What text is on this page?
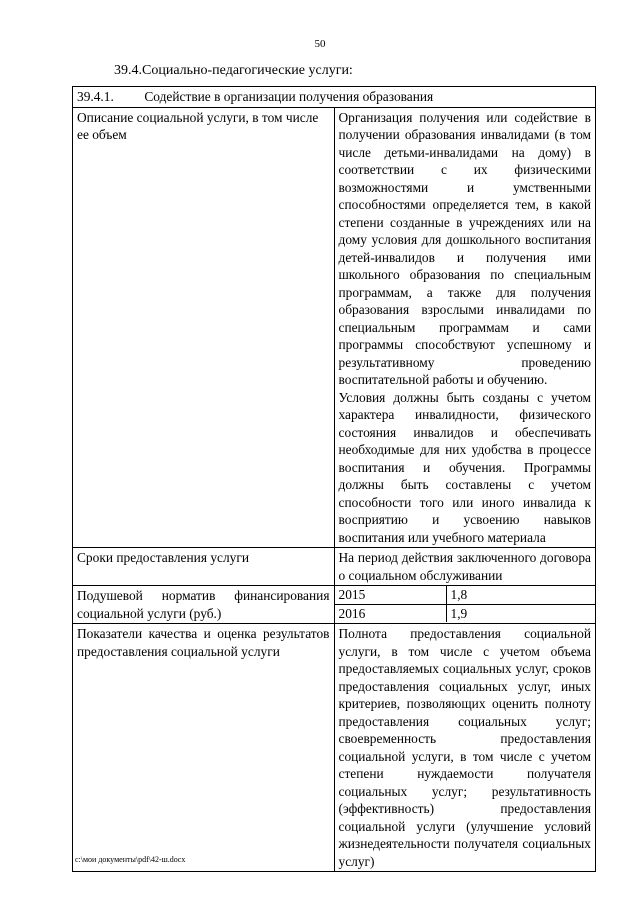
50
39.4.Социально-педагогические услуги:
39.4.1. Содействие в организации получения образования	
Описание социальной услуги, в том числе ее объем	Организация получения или содействие в получении образования инвалидами (в том числе детьми-инвалидами на дому) в соответствии с их физическими возможностями и умственными способностями определяется тем, в какой степени созданные в учреждениях или на дому условия для дошкольного воспитания детей-инвалидов и получения ими школьного образования по специальным программам, а также для получения образования взрослыми инвалидами по специальным программам и сами программы способствуют успешному и результативному проведению воспитательной работы и обучению.

Условия должны быть созданы с учетом характера инвалидности, физического состояния инвалидов и обеспечивать необходимые для них удобства в процессе воспитания и обучения. Программы должны быть составлены с учетом способности того или иного инвалида к восприятию и усвоению навыков воспитания или учебного материала

Сроки предоставления услуги	На период действия заключенного договора о социальном обслуживании
Подушевой норматив финансирования социальной услуги (руб.)	2015 1,8
2016 1,9

Показатели качества и оценка результатов предоставления социальной услуги	Полнота предоставления социальной услуги, в том числе с учетом объема предоставляемых социальных услуг, сроков предоставления социальных услуг, иных критериев, позволяющих оценить полноту предоставления социальных услуг; своевременность предоставления социальной услуги, в том числе с учетом степени нуждаемости получателя социальных услуг; результативность (эффективность) предоставления социальной услуги (улучшение условий жизнедеятельности получателя социальных услуг)
c:\мои документы\pdf\42-ш.docx
